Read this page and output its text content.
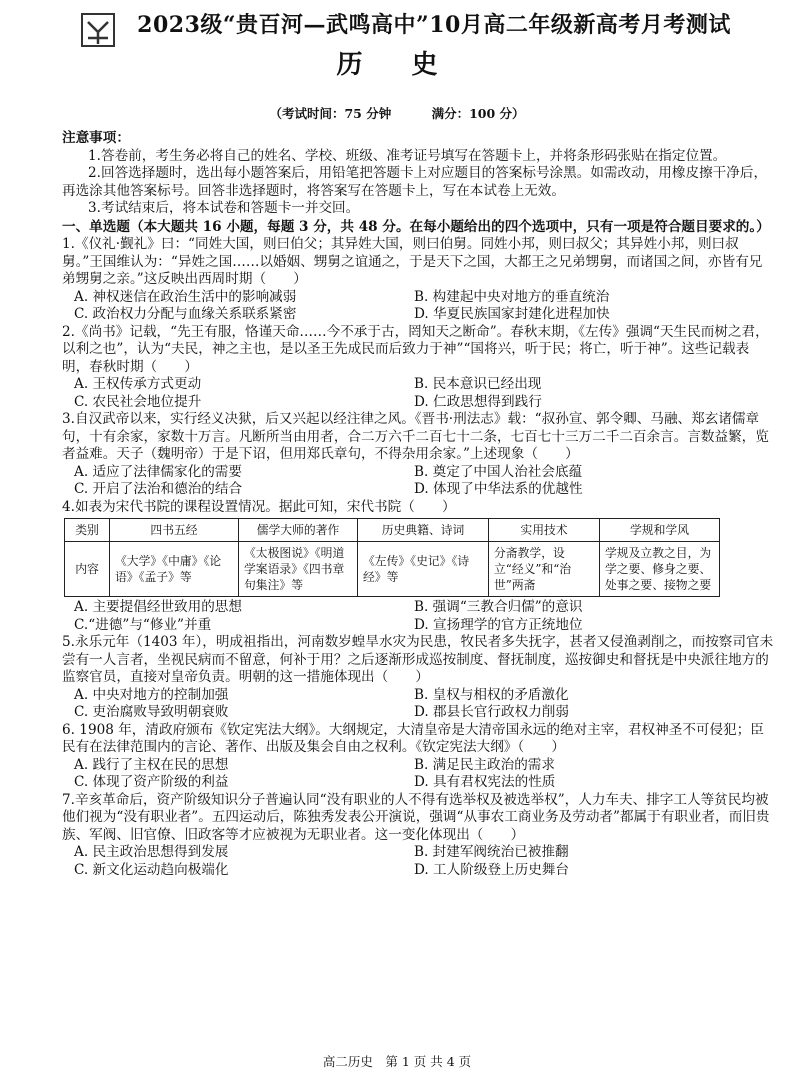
2023级“贵百河—武鸣高中”10月高二年级新高考月考测试
历 史
（考试时间：75 分钟	满分：100 分）
注意事项：
1.答卷前，考生务必将自己的姓名、学校、班级、准考证号填写在答题卡上，并将条形码张贴在指定位置。
2.回答选择题时，选出每小题答案后，用铅笔把答题卡上对应题目的答案标号涂黑。如需改动，用橡皮擦干净后，再选涂其他答案标号。回答非选择题时，将答案写在答题卡上，写在本试卷上无效。
3.考试结束后，将本试卷和答题卡一并交回。
一、单选题（本大题共 16 小题，每题 3 分，共 48 分。在每小题给出的四个选项中，只有一项是符合题目要求的。）
1.《仪礼·觐礼》曰：“同姓大国，则曰伯父；其异姓大国，则曰伯舅。同姓小邦，则曰叔父；其异姓小邦，则曰叔舅。”王国维认为：“异姓之国……以婚姻、甥舅之谊通之，于是天下之国，大都王之兄弟甥舅，而诸国之间，亦皆有兄弟甥舅之亲。”这反映出西周时期（　　）
A. 神权迷信在政治生活中的影响减弱	B. 构建起中央对地方的垂直统治
C. 政治权力分配与血缘关系联系紧密	D. 华夏民族国家封建化进程加快
2.《尚书》记载，“先王有服，恪谨天命……今不承于古，罔知天之断命”。春秋末期，《左传》强调“天生民而树之君，以利之也”，认为“夫民，神之主也，是以圣王先成民而后致力于神”“国将兴，听于民；将亡，听于神”。这些记载表明，春秋时期（　　）
A. 王权传承方式更动	B. 民本意识已经出现
C. 农民社会地位提升	D. 仁政思想得到践行
3.自汉武帝以来，实行经义决狱，后又兴起以经注律之风。《晋书·刑法志》载：“叔孙宣、郭令卿、马融、郑玄诸儒章句，十有余家，家数十万言。凡断所当由用者，合二万六千二百七十二条，七百七十三万二千二百余言。言数益繁，览者益难。天子（魏明帝）于是下诏，但用郑氏章句，不得杂用余家。”上述现象（　　）
A. 适应了法律儒家化的需要	B. 奠定了中国人治社会底蕴
C. 开启了法治和德治的结合	D. 体现了中华法系的优越性
4.如表为宋代书院的课程设置情况。据此可知，宋代书院（　　）
类别	四书五经	儒学大师的著作	历史典籍、诗词	实用技术	学规和学风
内容	《大学》《中庸》《论语》《孟子》等	《太极图说》《明道学案语录》《四书章句集注》等	《左传》《史记》《诗经》等	分斋教学，设立“经义”和“治世”两斋	学规及立教之目，为学之要、修身之要、处事之要、接物之要
A. 主要提倡经世致用的思想	B. 强调“三教合归儒”的意识
C.“进德”与“修业”并重	D. 宣扬理学的官方正统地位
5.永乐元年（1403 年），明成祖指出，河南数岁蝗旱水灾为民患，牧民者多失抚字，甚者又侵渔剥削之，而按察司官未尝有一人言者，坐视民病而不留意，何补于用？之后逐渐形成巡按制度、督抚制度，巡按御史和督抚是中央派往地方的监察官员，直接对皇帝负责。明朝的这一措施体现出（　　）
A. 中央对地方的控制加强	B. 皇权与相权的矛盾激化
C. 吏治腐败导致明朝衰败	D. 郡县长官行政权力削弱
6. 1908 年，清政府颁布《钦定宪法大纲》。大纲规定，大清皇帝是大清帝国永远的绝对主宰，君权神圣不可侵犯；臣民有在法律范围内的言论、著作、出版及集会自由之权利。《钦定宪法大纲》（　　）
A. 践行了主权在民的思想	B. 满足民主政治的需求
C. 体现了资产阶级的利益	D. 具有君权宪法的性质
7.辛亥革命后，资产阶级知识分子普遍认同“没有职业的人不得有选举权及被选举权”，人力车夫、排字工人等贫民均被他们视为“没有职业者”。五四运动后，陈独秀发表公开演说，强调“从事农工商业务及劳动者”都属于有职业者，而旧贵族、军阀、旧官僚、旧政客等才应被视为无职业者。这一变化体现出（　　）
A. 民主政治思想得到发展	B. 封建军阀统治已被推翻
C. 新文化运动趋向极端化	D. 工人阶级登上历史舞台
高二历史　第 1 页 共 4 页
